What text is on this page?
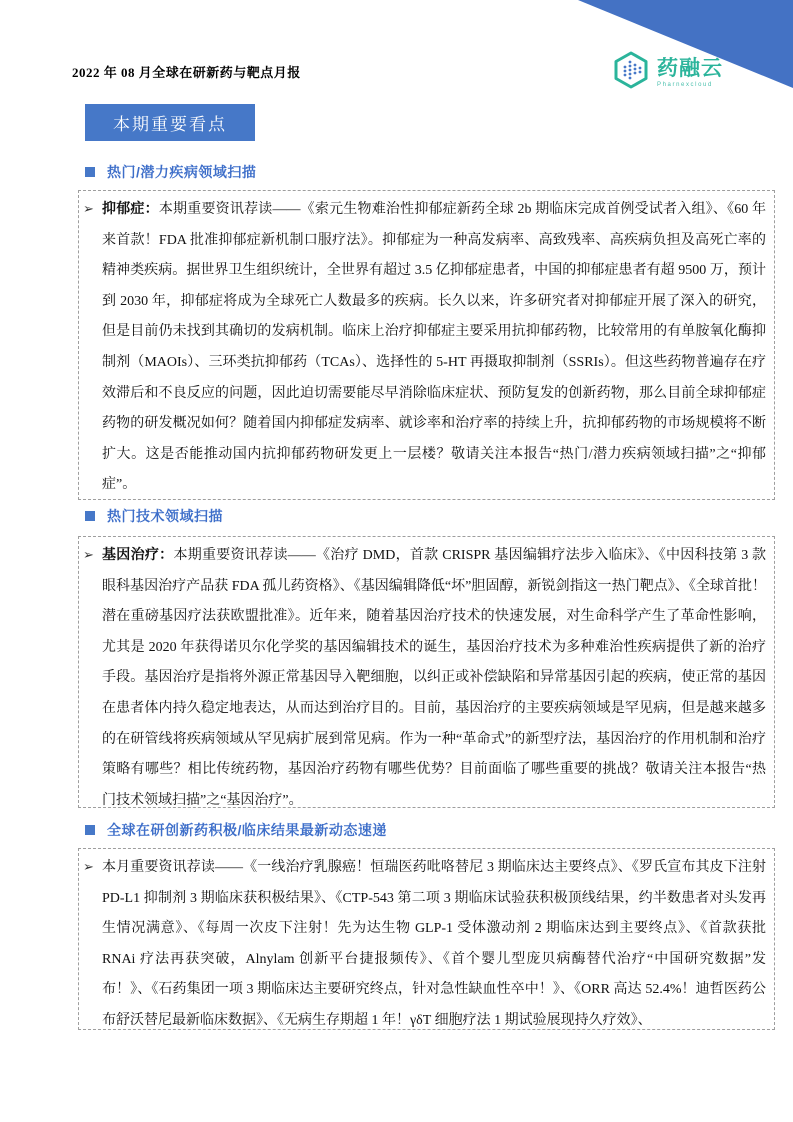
2022 年 08 月全球在研新药与靶点月报	药融云
Pharnexcloud
本期重要看点
热门/潜力疾病领域扫描
➢ 抑郁症：本期重要资讯荐读——《索元生物难治性抑郁症新药全球 2b 期临床完成首例受试者入组》、《60 年来首款！FDA 批准抑郁症新机制口服疗法》。抑郁症为一种高发病率、高致残率、高疾病负担及高死亡率的精神类疾病。据世界卫生组织统计，全世界有超过 3.5 亿抑郁症患者，中国的抑郁症患者有超 9500 万，预计到 2030 年，抑郁症将成为全球死亡人数最多的疾病。长久以来，许多研究者对抑郁症开展了深入的研究，但是目前仍未找到其确切的发病机制。临床上治疗抑郁症主要采用抗抑郁药物，比较常用的有单胺氧化酶抑制剂（MAOIs）、三环类抗抑郁药（TCAs）、选择性的 5-HT 再摄取抑制剂（SSRIs）。但这些药物普遍存在疗效滞后和不良反应的问题，因此迫切需要能尽早消除临床症状、预防复发的创新药物，那么目前全球抑郁症药物的研发概况如何？随着国内抑郁症发病率、就诊率和治疗率的持续上升，抗抑郁药物的市场规模将不断扩大。这是否能推动国内抗抑郁药物研发更上一层楼？敬请关注本报告“热门/潜力疾病领域扫描”之“抑郁症”。

热门技术领域扫描
➢ 基因治疗：本期重要资讯荐读——《治疗 DMD，首款 CRISPR 基因编辑疗法步入临床》、《中因科技第 3 款眼科基因治疗产品获 FDA 孤儿药资格》、《基因编辑降低“坏”胆固醇，新锐剑指这一热门靶点》、《全球首批！潜在重磅基因疗法获欧盟批准》。近年来，随着基因治疗技术的快速发展，对生命科学产生了革命性影响，尤其是 2020 年获得诺贝尔化学奖的基因编辑技术的诞生，基因治疗技术为多种难治性疾病提供了新的治疗手段。基因治疗是指将外源正常基因导入靶细胞，以纠正或补偿缺陷和异常基因引起的疾病，使正常的基因在患者体内持久稳定地表达，从而达到治疗目的。目前，基因治疗的主要疾病领域是罕见病，但是越来越多的在研管线将疾病领域从罕见病扩展到常见病。作为一种“革命式”的新型疗法，基因治疗的作用机制和治疗策略有哪些？相比传统药物，基因治疗药物有哪些优势？目前面临了哪些重要的挑战？敬请关注本报告“热门技术领域扫描”之“基因治疗”。

全球在研创新药积极/临床结果最新动态速递
➢ 本月重要资讯荐读——《一线治疗乳腺癌！恒瑞医药吡咯替尼 3 期临床达主要终点》、《罗氏宣布其皮下注射 PD-L1 抑制剂 3 期临床获积极结果》、《CTP-543 第二项 3 期临床试验获积极顶线结果，约半数患者对头发再生情况满意》、《每周一次皮下注射！先为达生物 GLP-1 受体激动剂 2 期临床达到主要终点》、《首款获批 RNAi 疗法再获突破，Alnylam 创新平台捷报频传》、《首个婴儿型庞贝病酶替代治疗“中国研究数据”发布！》、《石药集团一项 3 期临床达主要研究终点，针对急性缺血性卒中！》、《ORR 高达 52.4%！迪哲医药公布舒沃替尼最新临床数据》、《无病生存期超 1 年！γδT 细胞疗法 1 期试验展现持久疗效》、
